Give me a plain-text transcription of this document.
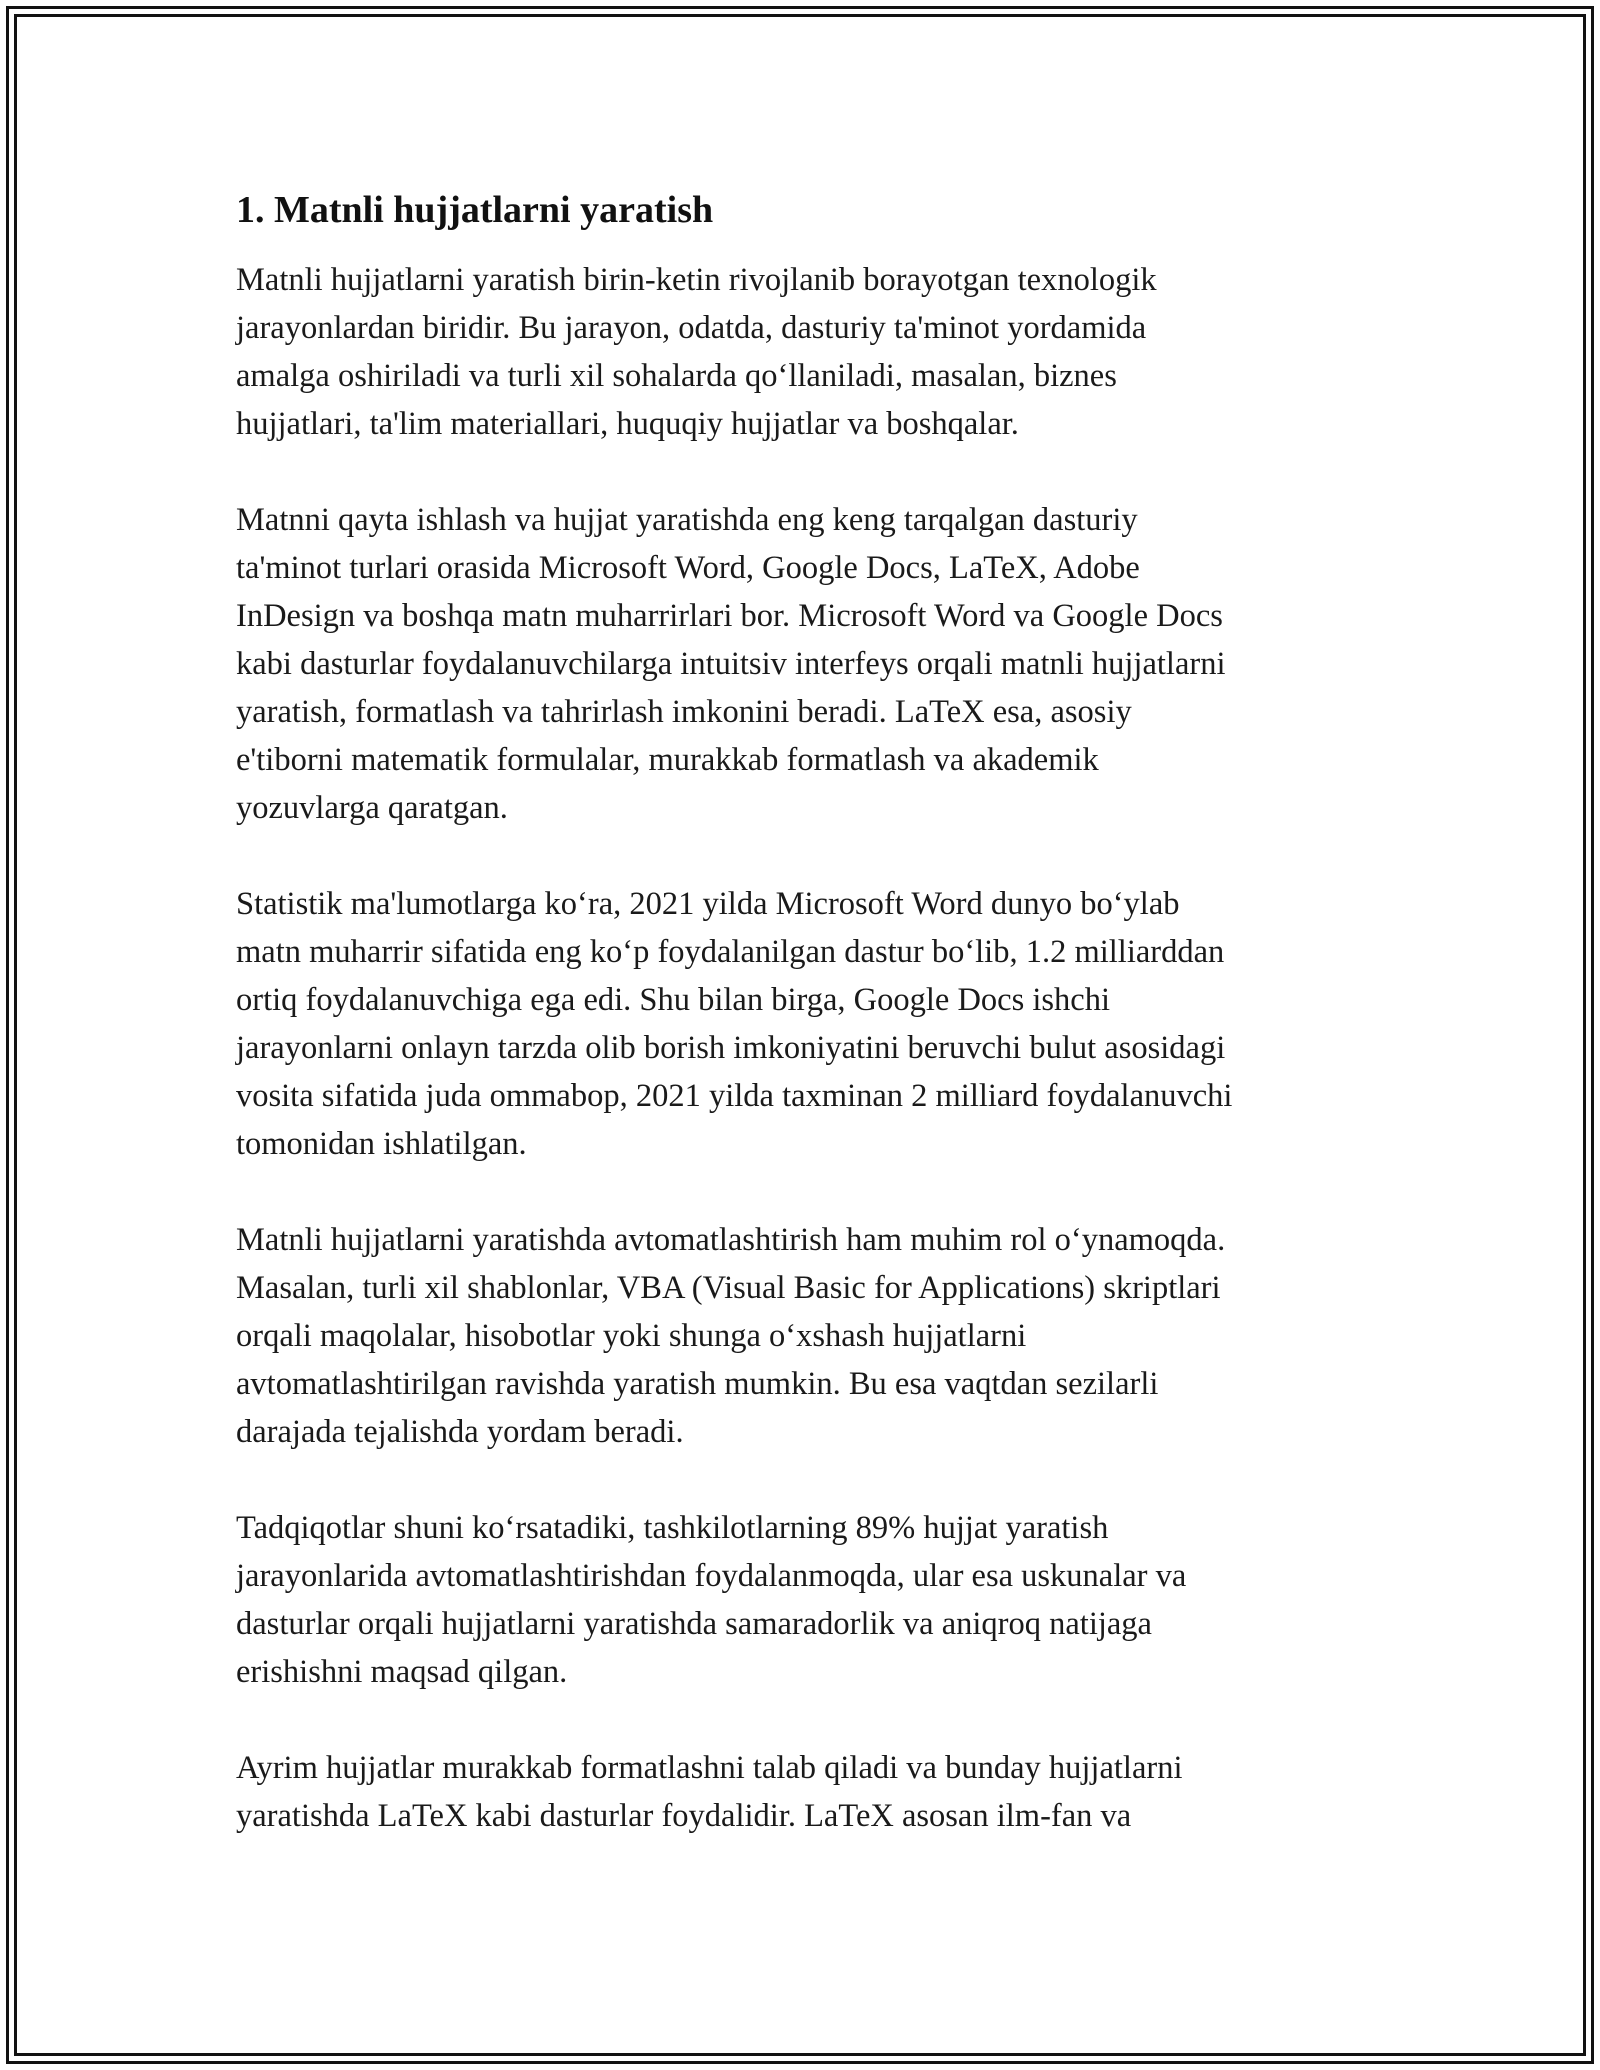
1. Matnli hujjatlarni yaratish

Matnli hujjatlarni yaratish birin-ketin rivojlanib borayotgan texnologik
jarayonlardan biridir. Bu jarayon, odatda, dasturiy ta'minot yordamida
amalga oshiriladi va turli xil sohalarda qo‘llaniladi, masalan, biznes
hujjatlari, ta'lim materiallari, huquqiy hujjatlar va boshqalar.

Matnni qayta ishlash va hujjat yaratishda eng keng tarqalgan dasturiy
ta'minot turlari orasida Microsoft Word, Google Docs, LaTeX, Adobe
InDesign va boshqa matn muharrirlari bor. Microsoft Word va Google Docs
kabi dasturlar foydalanuvchilarga intuitsiv interfeys orqali matnli hujjatlarni
yaratish, formatlash va tahrirlash imkonini beradi. LaTeX esa, asosiy
e'tiborni matematik formulalar, murakkab formatlash va akademik
yozuvlarga qaratgan.

Statistik ma'lumotlarga ko‘ra, 2021 yilda Microsoft Word dunyo bo‘ylab
matn muharrir sifatida eng ko‘p foydalanilgan dastur bo‘lib, 1.2 milliarddan
ortiq foydalanuvchiga ega edi. Shu bilan birga, Google Docs ishchi
jarayonlarni onlayn tarzda olib borish imkoniyatini beruvchi bulut asosidagi
vosita sifatida juda ommabop, 2021 yilda taxminan 2 milliard foydalanuvchi
tomonidan ishlatilgan.

Matnli hujjatlarni yaratishda avtomatlashtirish ham muhim rol o‘ynamoqda.
Masalan, turli xil shablonlar, VBA (Visual Basic for Applications) skriptlari
orqali maqolalar, hisobotlar yoki shunga o‘xshash hujjatlarni
avtomatlashtirilgan ravishda yaratish mumkin. Bu esa vaqtdan sezilarli
darajada tejalishda yordam beradi.

Tadqiqotlar shuni ko‘rsatadiki, tashkilotlarning 89% hujjat yaratish
jarayonlarida avtomatlashtirishdan foydalanmoqda, ular esa uskunalar va
dasturlar orqali hujjatlarni yaratishda samaradorlik va aniqroq natijaga
erishishni maqsad qilgan.

Ayrim hujjatlar murakkab formatlashni talab qiladi va bunday hujjatlarni
yaratishda LaTeX kabi dasturlar foydalidir. LaTeX asosan ilm-fan va
